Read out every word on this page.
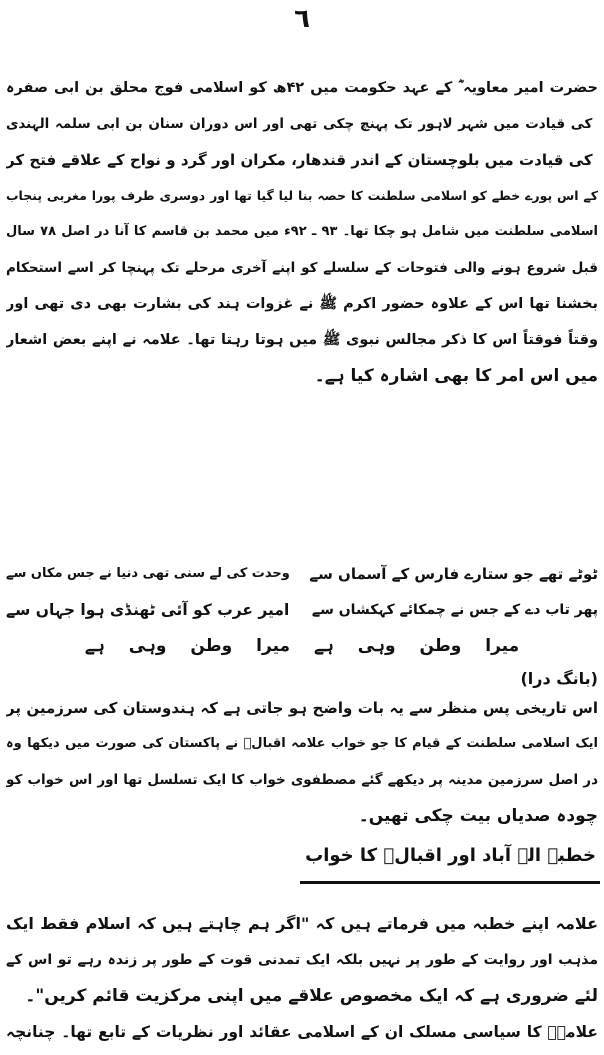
٦
حضرت امیر معاویہ ؓ کے عہد حکومت میں ۴۲ھ کو اسلامی فوج محلق بن ابی صفرہ
ؓ کی قیادت میں شہر لاہور تک پہنچ چکی تھی اور اس دوران سنان بن ابی سلمہ الہندی
ؓ کی قیادت میں بلوچستان کے اندر قندھار، مکران اور گرد و نواح کے علاقے فتح کر
کے اس پورے خطے کو اسلامی سلطنت کا حصہ بنا لیا گیا تھا اور دوسری طرف پورا مغربی پنجاب
اسلامی سلطنت میں شامل ہو چکا تھا۔ ۹۳ ـ ۹۲ء میں محمد بن قاسم کا آنا در اصل ۷۸ سال
قبل شروع ہونے والی فتوحات کے سلسلے کو اپنے آخری مرحلے تک پہنچا کر اسے استحکام
بخشنا تھا اس کے علاوہ حضور اکرم ﷺ نے غزوات ہند کی بشارت بھی دی تھی اور
وقتاً فوقتاً اس کا ذکر مجالس نبوی ﷺ میں ہوتا رہتا تھا۔ علامہ نے اپنے بعض اشعار
میں اس امر کا بھی اشارہ کیا ہے۔
ٹوٹے تھے جو ستارے فارس کے آسماں سے
وحدت کی لے سنی تھی دنیا نے جس مکاں سے
پھر تاب دے کے جس نے چمکائے کہکشاں سے
امیر عرب کو آئی ٹھنڈی ہوا جہاں سے
میرا وطن وہی ہے میرا وطن وہی ہے
(بانگ درا)
اس تاریخی پس منظر سے یہ بات واضح ہو جاتی ہے کہ ہندوستان کی سرزمین پر
ایک اسلامی سلطنت کے قیام کا جو خواب علامہ اقبالؒ نے پاکستان کی صورت میں دیکھا وہ
در اصل سرزمین مدینہ پر دیکھے گئے مصطفوی خواب کا ایک تسلسل تھا اور اس خواب کو
چودہ صدیاں بیت چکی تھیں۔
خطبہ الہ آباد اور اقبالؒ کا خواب
علامہ اپنے خطبہ میں فرماتے ہیں کہ "اگر ہم چاہتے ہیں کہ اسلام فقط ایک
مذہب اور روایت کے طور پر نہیں بلکہ ایک تمدنی قوت کے طور پر زندہ رہے تو اس کے
لئے ضروری ہے کہ ایک مخصوص علاقے میں اپنی مرکزیت قائم کریں"۔
علامہؒ کا سیاسی مسلک ان کے اسلامی عقائد اور نظریات کے تابع تھا۔ چنانچہ
